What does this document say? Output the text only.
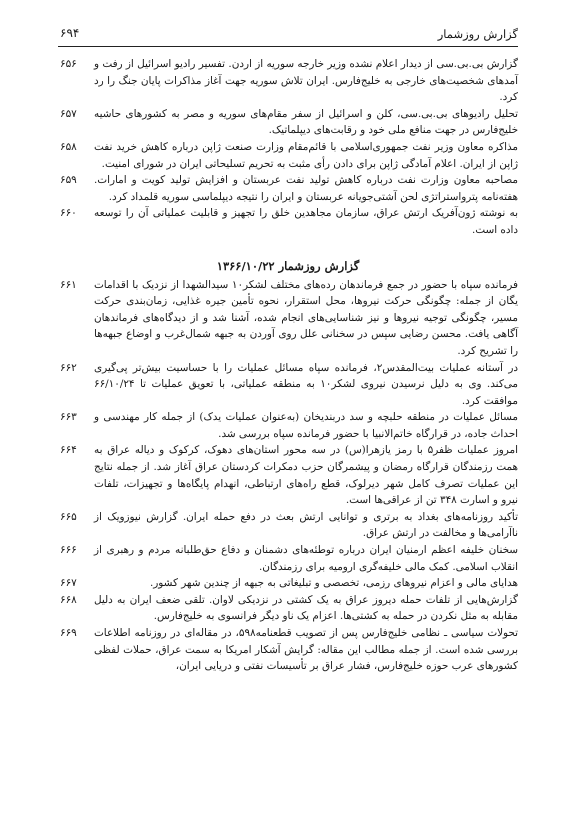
۶۹۴	گزارش روزشمار
۶۵۶ گزارش بی.بی.سی از دیدار اعلام نشده وزیر خارجه سوریه از اردن. تفسیر رادیو اسرائیل از رفت و آمدهای شخصیت‌های خارجی به خلیج‌فارس. ایران تلاش سوریه جهت آغاز مذاکرات پایان جنگ را رد کرد.
۶۵۷ تحلیل رادیوهای بی.بی.سی، کلن و اسرائیل از سفر مقام‌های سوریه و مصر به کشورهای حاشیه خلیج‌فارس در جهت منافع ملی خود و رقابت‌های دیپلماتیک.
۶۵۸ مذاکره معاون وزیر نفت جمهوری‌اسلامی با قائم‌مقام وزارت صنعت ژاپن درباره کاهش خرید نفت ژاپن از ایران. اعلام آمادگی ژاپن برای دادن رأی مثبت به تحریم تسلیحاتی ایران در شورای امنیت.
۶۵۹ مصاحبه معاون وزارت نفت درباره کاهش تولید نفت عربستان و افزایش تولید کویت و امارات. هفته‌نامه پترواستراتژی لحن آشتی‌جویانه عربستان و ایران را نتیجه دیپلماسی سوریه قلمداد کرد.
۶۶۰ به نوشته ژون‌آفریک ارتش عراق، سازمان مجاهدین خلق را تجهیز و قابلیت عملیاتی آن را توسعه داده است.
گزارش روزشمار ۱۳۶۶/۱۰/۲۲
۶۶۱ فرمانده سپاه با حضور در جمع فرماندهان رده‌های مختلف لشکر۱۰ سیدالشهدا از نزدیک با اقدامات یگان از جمله: چگونگی حرکت نیروها، محل استقرار، نحوه تأمین جیره غذایی، زمان‌بندی حرکت مسیر، چگونگی توجیه نیروها و نیز شناسایی‌های انجام شده، آشنا شد و از دیدگاه‌های فرماندهان آگاهی یافت. محسن رضایی سپس در سخنانی علل روی آوردن به جبهه شمال‌غرب و اوضاع جبهه‌ها را تشریح کرد.
۶۶۲ در آستانه عملیات بیت‌المقدس۲، فرمانده سپاه مسائل عملیات را با حساسیت بیش‌تر پی‌گیری می‌کند. وی به دلیل نرسیدن نیروی لشکر۱۰ به منطقه عملیاتی، با تعویق عملیات تا ۶۶/۱۰/۲۴ موافقت کرد.
۶۶۳ مسائل عملیات در منطقه حلبچه و سد دربندیخان (به‌عنوان عملیات یدک) از جمله کار مهندسی و احداث جاده، در قرارگاه خاتم‌الانبیا با حضور فرمانده سپاه بررسی شد.
۶۶۴ امروز عملیات ظفر۵ با رمز یازهرا(س) در سه محور استان‌های دهوک، کرکوک و دیاله عراق به همت رزمندگان قرارگاه رمضان و پیشمرگان حزب دمکرات کردستان عراق آغاز شد. از جمله نتایج این عملیات تصرف کامل شهر دیرلوک، قطع راه‌های ارتباطی، انهدام پایگاه‌ها و تجهیزات، تلفات نیرو و اسارت ۳۴۸ تن از عراقی‌ها است.
۶۶۵ تأکید روزنامه‌های بغداد به برتری و توانایی ارتش بعث در دفع حمله ایران. گزارش نیوزویک از ناآرامی‌ها و مخالفت در ارتش عراق.
۶۶۶ سخنان خلیفه اعظم ارمنیان ایران درباره توطئه‌های دشمنان و دفاع حق‌طلبانه مردم و رهبری از انقلاب اسلامی. کمک مالی خلیفه‌گری ارومیه برای رزمندگان.
۶۶۷	هدایای مالی و اعزام نیروهای رزمی، تخصصی و تبلیغاتی به جبهه از چندین شهر کشور.
۶۶۸ گزارش‌هایی از تلفات حمله دیروز عراق به یک کشتی در نزدیکی لاوان. تلقی ضعف ایران به دلیل مقابله به مثل نکردن در حمله به کشتی‌ها. اعزام یک ناو دیگر فرانسوی به خلیج‌فارس.
۶۶۹ تحولات سیاسی ـ نظامی خلیج‌فارس پس از تصویب قطعنامه۵۹۸، در مقاله‌ای در روزنامه اطلاعات بررسی شده است. از جمله مطالب این مقاله: گرایش آشکار امریکا به سمت عراق، حملات لفظی کشورهای عرب حوزه خلیج‌فارس، فشار عراق بر تأسیسات نفتی و دریایی ایران،
